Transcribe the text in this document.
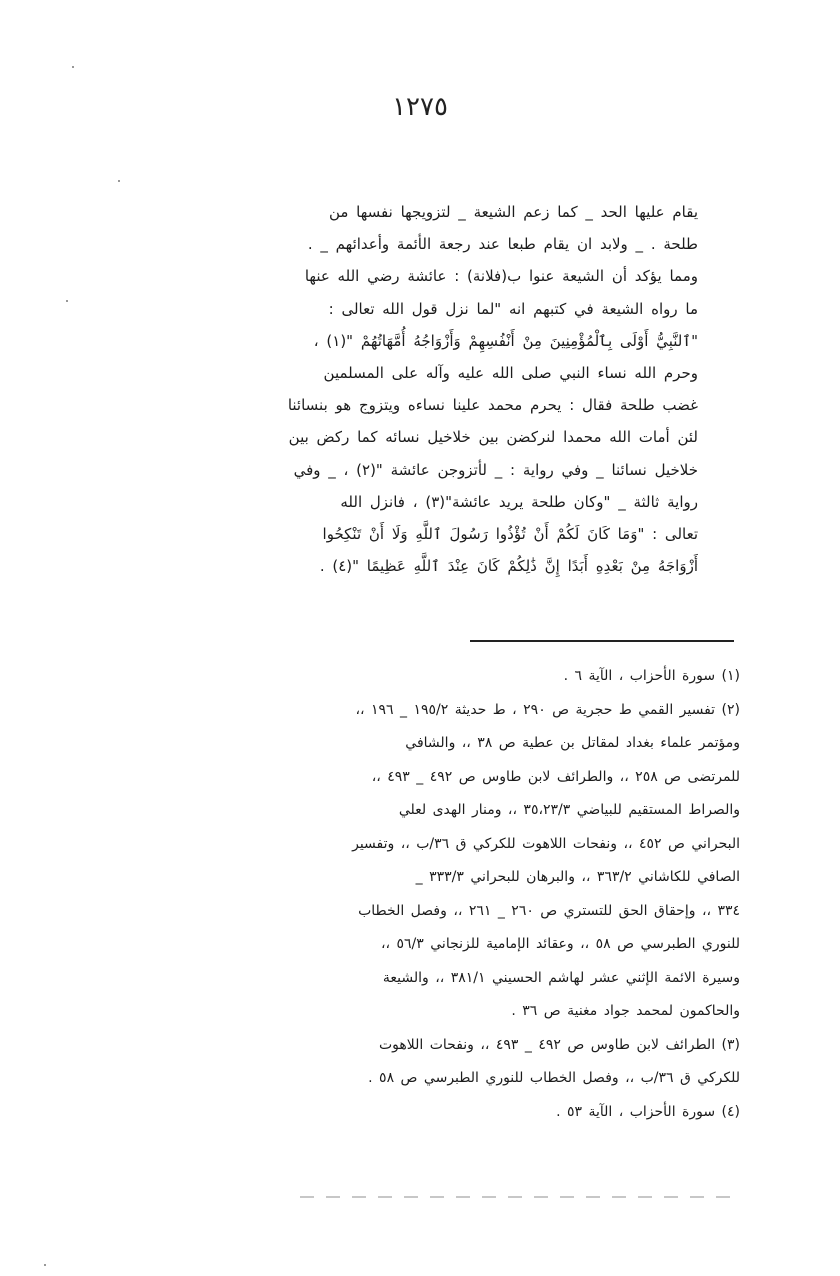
١٢٧٥
يقام عليها الحد _ كما زعم الشيعة _ لتزويجها نفسها من
طلحة . _ ولابد ان يقام طبعا عند رجعة الأئمة وأعدائهم _ .
ومما يؤكد أن الشيعة عنوا ب(فلانة) : عائشة رضي الله عنها
ما رواه الشيعة في كتبهم انه "لما نزل قول الله تعالى :
"ٱلنَّبِيُّ أَوْلَى بِٱلْمُؤْمِنِينَ مِنْ أَنْفُسِهِمْ وَأَزْوَاجُهُ أُمَّهَاتُهُمْ "(١) ،
وحرم الله نساء النبي صلى الله عليه وآله على المسلمين
غضب طلحة فقال : يحرم محمد علينا نساءه ويتزوج هو بنسائنا
لئن أمات الله محمدا لنركضن بين خلاخيل نسائه كما ركض بين
خلاخيل نسائنا _ وفي رواية : _ لأتزوجن عائشة "(٢) ، _ وفي
رواية ثالثة _ "وكان طلحة يريد عائشة"(٣) ، فانزل الله
تعالى : "وَمَا كَانَ لَكُمْ أَنْ تُؤْذُوا رَسُولَ ٱللَّهِ وَلَا أَنْ تَنْكِحُوا
أَزْوَاجَهُ مِنْ بَعْدِهِ أَبَدًا إِنَّ ذَٰلِكُمْ كَانَ عِنْدَ ٱللَّهِ عَظِيمًا "(٤) .
(١) سورة الأحزاب ، الآية ٦ .
(٢) تفسير القمي ط حجرية ص ٢٩٠ ، ط حديثة ١٩٥/٢ _ ١٩٦ ،،
ومؤتمر علماء بغداد لمقاتل بن عطية ص ٣٨ ،، والشافي
للمرتضى ص ٢٥٨ ،، والطرائف لابن طاوس ص ٤٩٢ _ ٤٩٣ ،،
والصراط المستقيم للبياضي ٣٥،٢٣/٣ ،، ومنار الهدى لعلي
البحراني ص ٤٥٢ ،، ونفحات اللاهوت للكركي ق ٣٦/ب ،، وتفسير
الصافي للكاشاني ٣٦٣/٢ ،، والبرهان للبحراني ٣٣٣/٣ _
٣٣٤ ،، وإحقاق الحق للتستري ص ٢٦٠ _ ٢٦١ ،، وفصل الخطاب
للنوري الطبرسي ص ٥٨ ،، وعقائد الإمامية للزنجاني ٥٦/٣ ،،
وسيرة الائمة الإثني عشر لهاشم الحسيني ٣٨١/١ ،، والشيعة
والحاكمون لمحمد جواد مغنية ص ٣٦ .
(٣) الطرائف لابن طاوس ص ٤٩٢ _ ٤٩٣ ،، ونفحات اللاهوت
للكركي ق ٣٦/ب ،، وفصل الخطاب للنوري الطبرسي ص ٥٨ .
(٤) سورة الأحزاب ، الآية ٥٣ .
